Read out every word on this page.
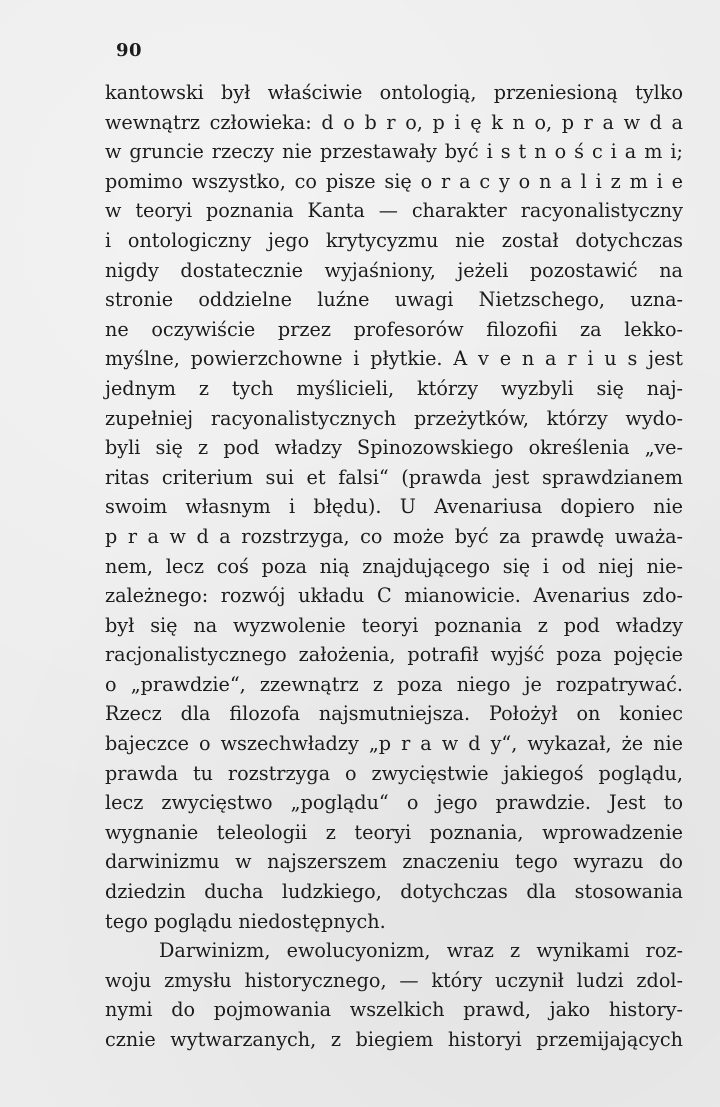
90
kantowski był właściwie ontologią, przeniesioną tylko
wewnątrz człowieka: d o b r o, p i ę k n o, p r a w d a
w gruncie rzeczy nie przestawały być i s t n o ś c i a m i;
pomimo wszystko, co pisze się o r a c y o n a l i z m i e
w teoryi poznania Kanta — charakter racyonalistyczny
i ontologiczny jego krytycyzmu nie został dotychczas
nigdy dostatecznie wyjaśniony, jeżeli pozostawić na
stronie oddzielne luźne uwagi Nietzschego, uzna-
ne oczywiście przez profesorów filozofii za lekko-
myślne, powierzchowne i płytkie. A v e n a r i u s jest
jednym z tych myślicieli, którzy wyzbyli się naj-
zupełniej racyonalistycznych przeżytków, którzy wydo-
byli się z pod władzy Spinozowskiego określenia „ve-
ritas criterium sui et falsi“ (prawda jest sprawdzianem
swoim własnym i błędu). U Avenariusa dopiero nie
p r a w d a rozstrzyga, co może być za prawdę uważa-
nem, lecz coś poza nią znajdującego się i od niej nie-
zależnego: rozwój układu C mianowicie. Avenarius zdo-
był się na wyzwolenie teoryi poznania z pod władzy
racjonalistycznego założenia, potrafił wyjść poza pojęcie
o „prawdzie“, zzewnątrz z poza niego je rozpatrywać.
Rzecz dla filozofa najsmutniejsza. Położył on koniec
bajeczce o wszechwładzy „p r a w d y“, wykazał, że nie
prawda tu rozstrzyga o zwycięstwie jakiegoś poglądu,
lecz zwycięstwo „poglądu“ o jego prawdzie. Jest to
wygnanie teleologii z teoryi poznania, wprowadzenie
darwinizmu w najszerszem znaczeniu tego wyrazu do
dziedzin ducha ludzkiego, dotychczas dla stosowania
tego poglądu niedostępnych.
Darwinizm, ewolucyonizm, wraz z wynikami roz-
woju zmysłu historycznego, — który uczynił ludzi zdol-
nymi do pojmowania wszelkich prawd, jako history-
cznie wytwarzanych, z biegiem historyi przemijających
